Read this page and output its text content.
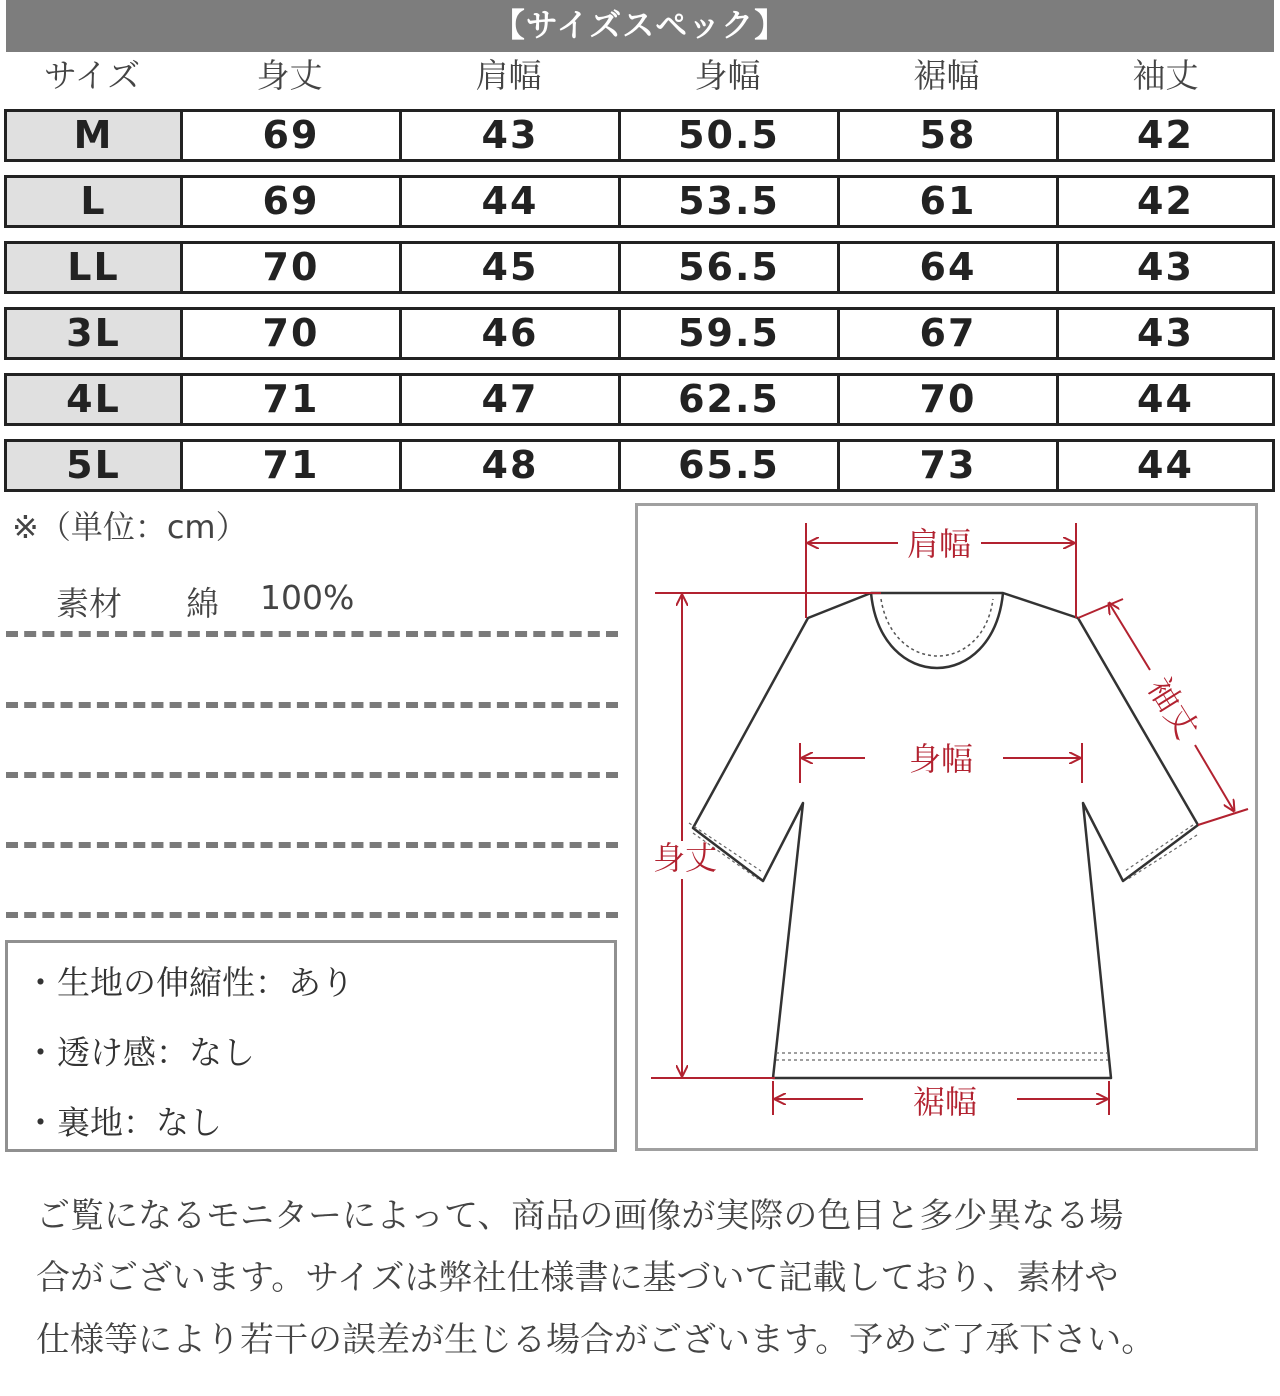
【サイズスペック】
サイズ	身丈	肩幅	身幅	裾幅	袖丈
M	69	43	50.5	58	42
L	69	44	53.5	61	42
LL	70	45	56.5	64	43
3L	70	46	59.5	67	43
4L	71	47	62.5	70	44
5L	71	48	65.5	73	44
※（単位：cm）
素材	綿	100%
・生地の伸縮性：あり
・透け感：なし
・裏地：なし
肩幅
身幅
身丈
袖丈
裾幅
ご覧になるモニターによって、商品の画像が実際の色目と多少異なる場
合がございます。サイズは弊社仕様書に基づいて記載しており、素材や
仕様等により若干の誤差が生じる場合がございます。予めご了承下さい。
